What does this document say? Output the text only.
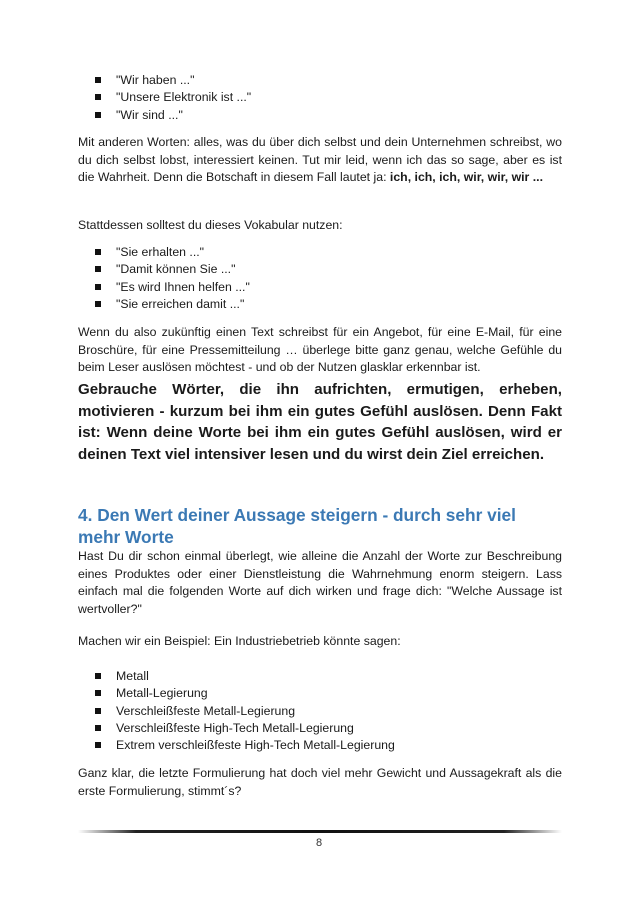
"Wir haben ..."
"Unsere Elektronik ist ..."
"Wir sind ..."

Mit anderen Worten: alles, was du über dich selbst und dein Unternehmen schreibst, wo du dich selbst lobst, interessiert keinen. Tut mir leid, wenn ich das so sage, aber es ist die Wahrheit. Denn die Botschaft in diesem Fall lautet ja: ich, ich, ich, wir, wir, wir ...

Stattdessen solltest du dieses Vokabular nutzen:

"Sie erhalten ..."
"Damit können Sie ..."
"Es wird Ihnen helfen ..."
"Sie erreichen damit ..."

Wenn du also zukünftig einen Text schreibst für ein Angebot, für eine E-Mail, für eine Broschüre, für eine Pressemitteilung … überlege bitte ganz genau, welche Gefühle du beim Leser auslösen möchtest - und ob der Nutzen glasklar erkennbar ist.

Gebrauche Wörter, die ihn aufrichten, ermutigen, erheben, motivieren - kurzum bei ihm ein gutes Gefühl auslösen. Denn Fakt ist: Wenn deine Worte bei ihm ein gutes Gefühl auslösen, wird er deinen Text viel intensiver lesen und du wirst dein Ziel erreichen.

4. Den Wert deiner Aussage steigern - durch sehr viel mehr Worte

Hast Du dir schon einmal überlegt, wie alleine die Anzahl der Worte zur Beschreibung eines Produktes oder einer Dienstleistung die Wahrnehmung enorm steigern. Lass einfach mal die folgenden Worte auf dich wirken und frage dich: "Welche Aussage ist wertvoller?"

Machen wir ein Beispiel: Ein Industriebetrieb könnte sagen:

Metall
Metall-Legierung
Verschleißfeste Metall-Legierung
Verschleißfeste High-Tech Metall-Legierung
Extrem verschleißfeste High-Tech Metall-Legierung

Ganz klar, die letzte Formulierung hat doch viel mehr Gewicht und Aussagekraft als die erste Formulierung, stimmt´s?

8
